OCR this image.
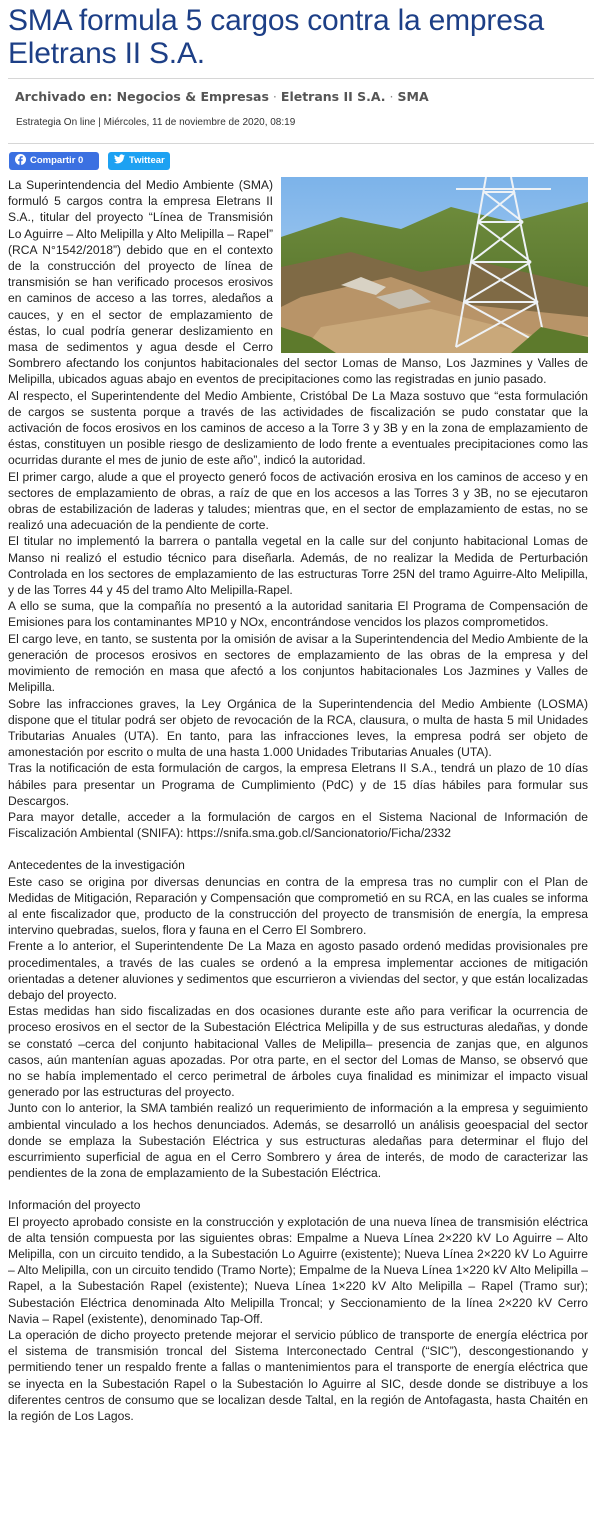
SMA formula 5 cargos contra la empresa Eletrans II S.A.
Archivado en: Negocios & Empresas · Eletrans II S.A. · SMA
Estrategia On line | Miércoles, 11 de noviembre de 2020, 08:19
Compartir 0	Twittear

La Superintendencia del Medio Ambiente (SMA) formuló 5 cargos contra la empresa Eletrans II S.A., titular del proyecto “Línea de Transmisión Lo Aguirre – Alto Melipilla y Alto Melipilla – Rapel” (RCA N°1542/2018”) debido que en el contexto de la construcción del proyecto de línea de transmisión se han verificado procesos erosivos en caminos de acceso a las torres, aledaños a cauces, y en el sector de emplazamiento de éstas, lo cual podría generar deslizamiento en masa de sedimentos y agua desde el Cerro Sombrero afectando los conjuntos habitacionales del sector Lomas de Manso, Los Jazmines y Valles de Melipilla, ubicados aguas abajo en eventos de precipitaciones como las registradas en junio pasado.

Al respecto, el Superintendente del Medio Ambiente, Cristóbal De La Maza sostuvo que “esta formulación de cargos se sustenta porque a través de las actividades de fiscalización se pudo constatar que la activación de focos erosivos en los caminos de acceso a la Torre 3 y 3B y en la zona de emplazamiento de éstas, constituyen un posible riesgo de deslizamiento de lodo frente a eventuales precipitaciones como las ocurridas durante el mes de junio de este año”, indicó la autoridad.

El primer cargo, alude a que el proyecto generó focos de activación erosiva en los caminos de acceso y en sectores de emplazamiento de obras, a raíz de que en los accesos a las Torres 3 y 3B, no se ejecutaron obras de estabilización de laderas y taludes; mientras que, en el sector de emplazamiento de estas, no se realizó una adecuación de la pendiente de corte.

El titular no implementó la barrera o pantalla vegetal en la calle sur del conjunto habitacional Lomas de Manso ni realizó el estudio técnico para diseñarla. Además, de no realizar la Medida de Perturbación Controlada en los sectores de emplazamiento de las estructuras Torre 25N del tramo Aguirre-Alto Melipilla, y de las Torres 44 y 45 del tramo Alto Melipilla-Rapel.

A ello se suma, que la compañía no presentó a la autoridad sanitaria El Programa de Compensación de Emisiones para los contaminantes MP10 y NOx, encontrándose vencidos los plazos comprometidos.

El cargo leve, en tanto, se sustenta por la omisión de avisar a la Superintendencia del Medio Ambiente de la generación de procesos erosivos en sectores de emplazamiento de las obras de la empresa y del movimiento de remoción en masa que afectó a los conjuntos habitacionales Los Jazmines y Valles de Melipilla.

Sobre las infracciones graves, la Ley Orgánica de la Superintendencia del Medio Ambiente (LOSMA) dispone que el titular podrá ser objeto de revocación de la RCA, clausura, o multa de hasta 5 mil Unidades Tributarias Anuales (UTA). En tanto, para las infracciones leves, la empresa podrá ser objeto de amonestación por escrito o multa de una hasta 1.000 Unidades Tributarias Anuales (UTA).

Tras la notificación de esta formulación de cargos, la empresa Eletrans II S.A., tendrá un plazo de 10 días hábiles para presentar un Programa de Cumplimiento (PdC) y de 15 días hábiles para formular sus Descargos.

Para mayor detalle, acceder a la formulación de cargos en el Sistema Nacional de Información de Fiscalización Ambiental (SNIFA): https://snifa.sma.gob.cl/Sancionatorio/Ficha/2332

Antecedentes de la investigación

Este caso se origina por diversas denuncias en contra de la empresa tras no cumplir con el Plan de Medidas de Mitigación, Reparación y Compensación que comprometió en su RCA, en las cuales se informa al ente fiscalizador que, producto de la construcción del proyecto de transmisión de energía, la empresa intervino quebradas, suelos, flora y fauna en el Cerro El Sombrero.

Frente a lo anterior, el Superintendente De La Maza en agosto pasado ordenó medidas provisionales pre procedimentales, a través de las cuales se ordenó a la empresa implementar acciones de mitigación orientadas a detener aluviones y sedimentos que escurrieron a viviendas del sector, y que están localizadas debajo del proyecto.

Estas medidas han sido fiscalizadas en dos ocasiones durante este año para verificar la ocurrencia de proceso erosivos en el sector de la Subestación Eléctrica Melipilla y de sus estructuras aledañas, y donde se constató –cerca del conjunto habitacional Valles de Melipilla– presencia de zanjas que, en algunos casos, aún mantenían aguas apozadas. Por otra parte, en el sector del Lomas de Manso, se observó que no se había implementado el cerco perimetral de árboles cuya finalidad es minimizar el impacto visual generado por las estructuras del proyecto.

Junto con lo anterior, la SMA también realizó un requerimiento de información a la empresa y seguimiento ambiental vinculado a los hechos denunciados. Además, se desarrolló un análisis geoespacial del sector donde se emplaza la Subestación Eléctrica y sus estructuras aledañas para determinar el flujo del escurrimiento superficial de agua en el Cerro Sombrero y área de interés, de modo de caracterizar las pendientes de la zona de emplazamiento de la Subestación Eléctrica.

Información del proyecto

El proyecto aprobado consiste en la construcción y explotación de una nueva línea de transmisión eléctrica de alta tensión compuesta por las siguientes obras: Empalme a Nueva Línea 2×220 kV Lo Aguirre – Alto Melipilla, con un circuito tendido, a la Subestación Lo Aguirre (existente); Nueva Línea 2×220 kV Lo Aguirre – Alto Melipilla, con un circuito tendido (Tramo Norte); Empalme de la Nueva Línea 1×220 kV Alto Melipilla – Rapel, a la Subestación Rapel (existente); Nueva Línea 1×220 kV Alto Melipilla – Rapel (Tramo sur); Subestación Eléctrica denominada Alto Melipilla Troncal; y Seccionamiento de la línea 2×220 kV Cerro Navia – Rapel (existente), denominado Tap-Off.

La operación de dicho proyecto pretende mejorar el servicio público de transporte de energía eléctrica por el sistema de transmisión troncal del Sistema Interconectado Central (“SIC”), descongestionando y permitiendo tener un respaldo frente a fallas o mantenimientos para el transporte de energía eléctrica que se inyecta en la Subestación Rapel o la Subestación lo Aguirre al SIC, desde donde se distribuye a los diferentes centros de consumo que se localizan desde Taltal, en la región de Antofagasta, hasta Chaitén en la región de Los Lagos.
